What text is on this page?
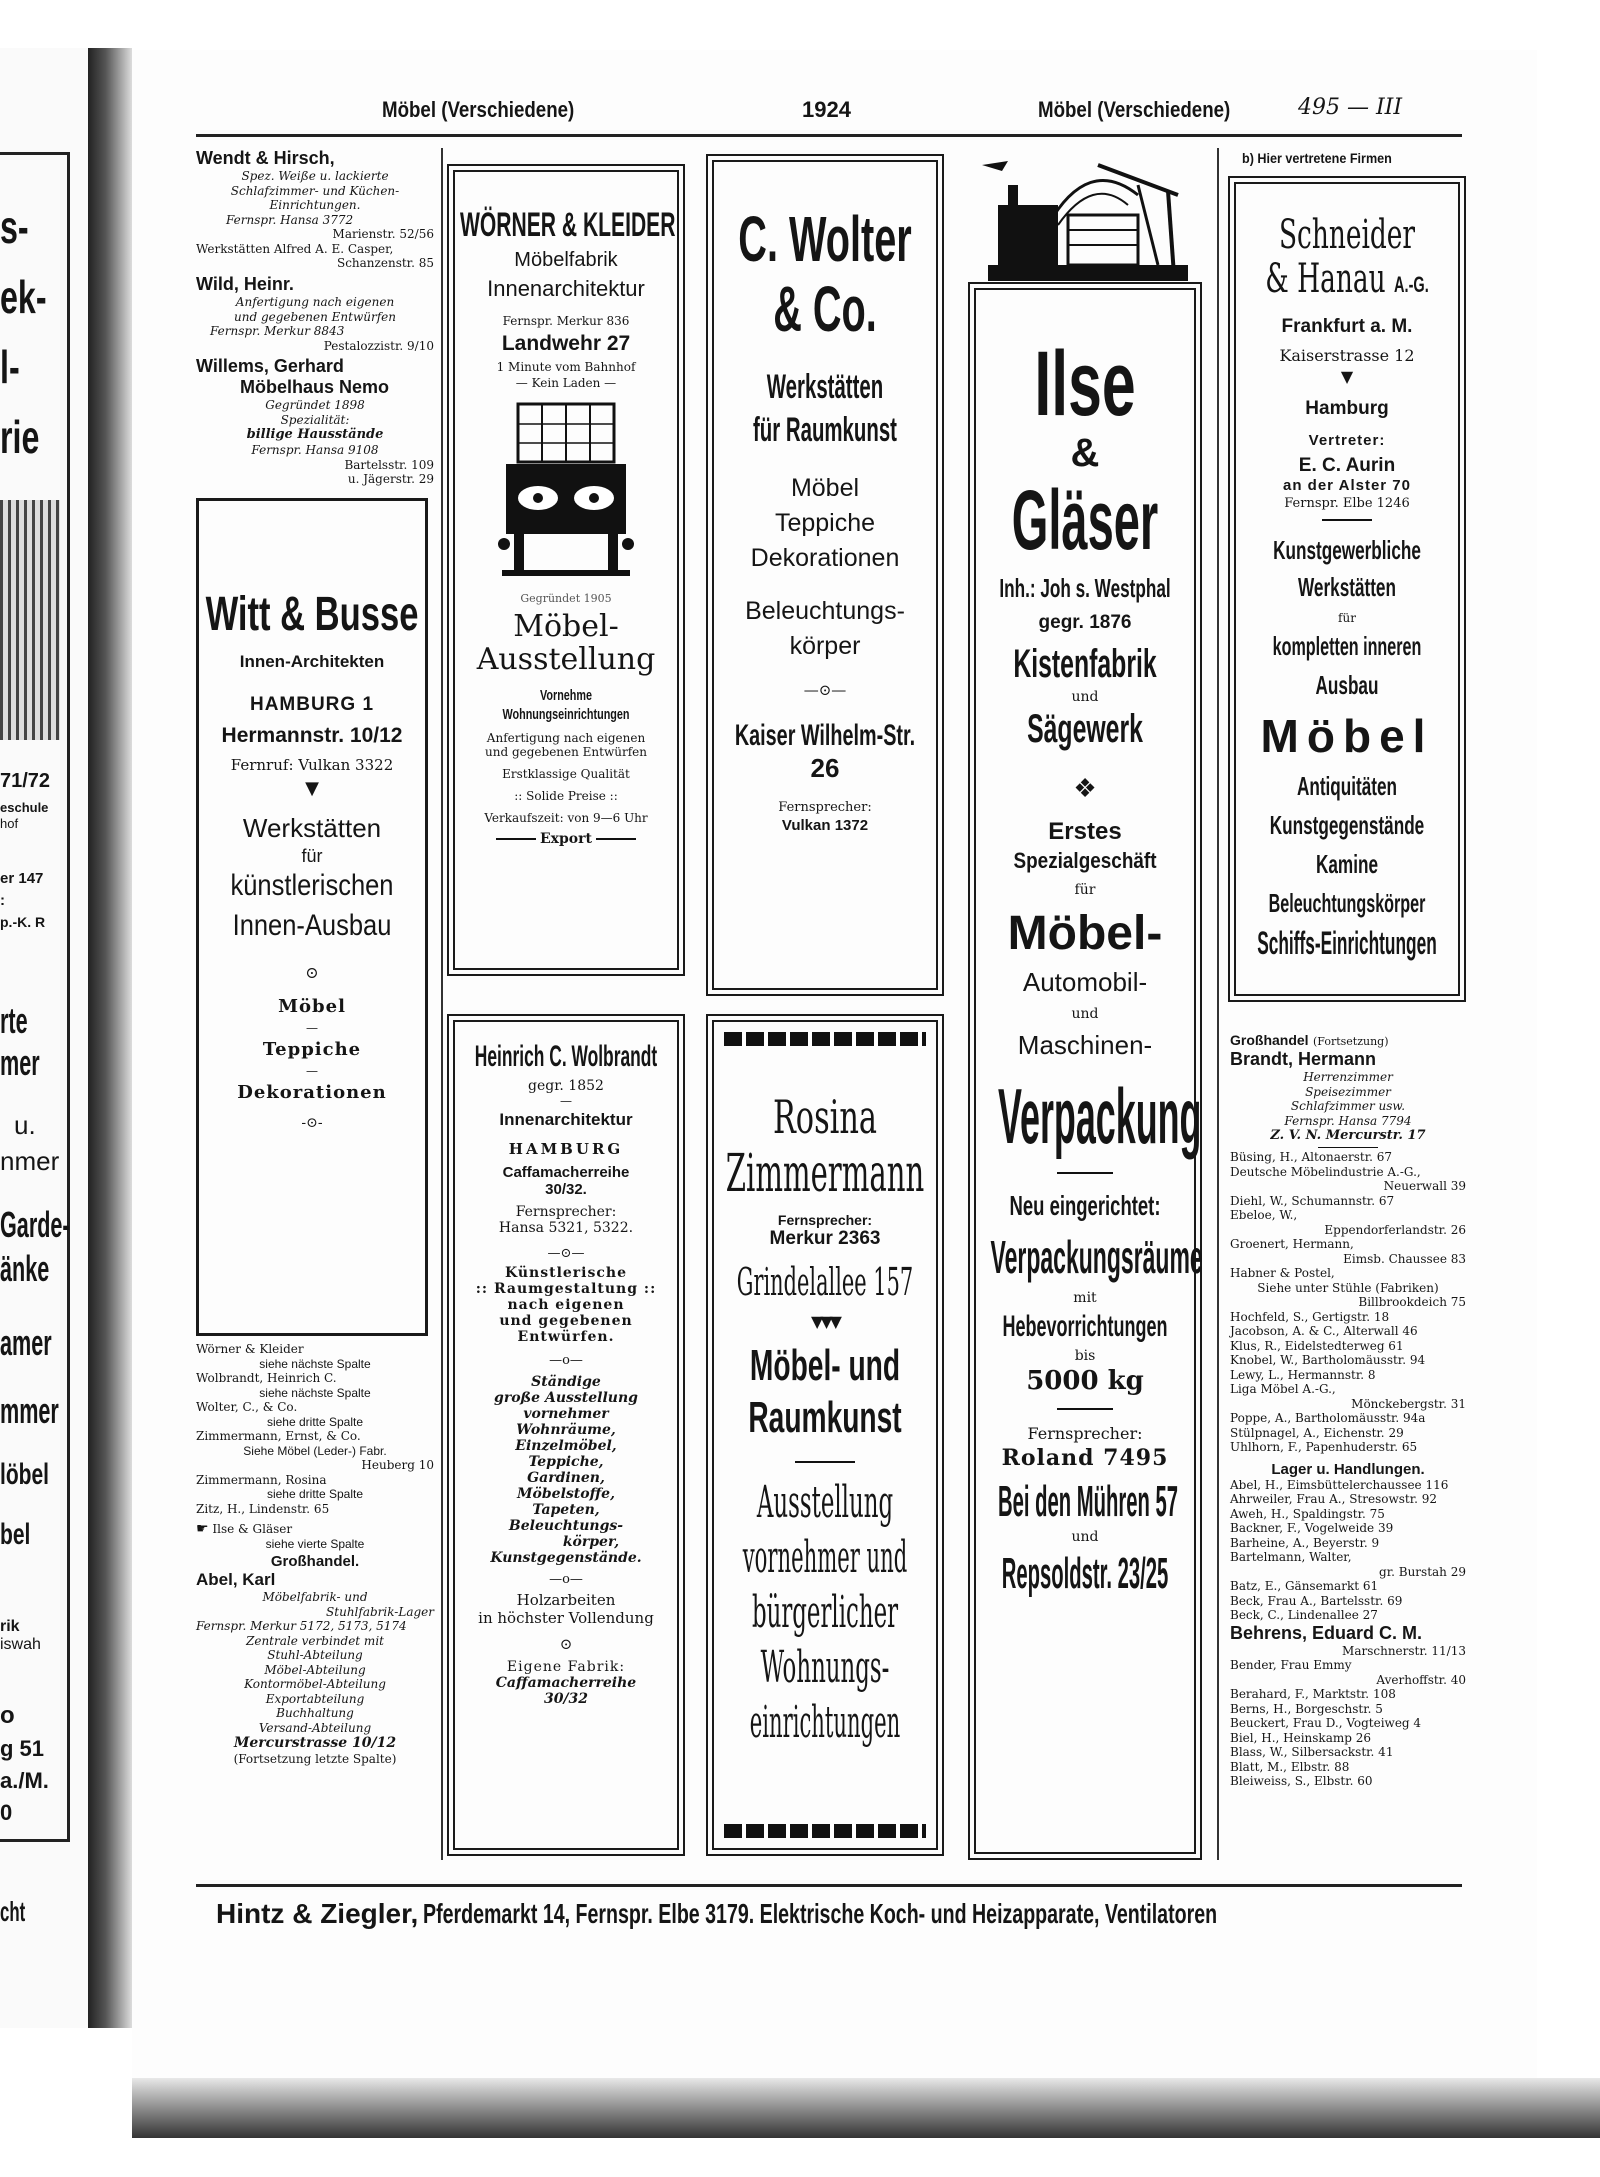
s-
ek-
l-
rie
71/72
eschule
hof
er 147
:
p.-K. R
rte
mer
u.
nmer
Garde-
änke
amer
mmer
löbel
bel
rik
iswah
o
g 51
a./M.
0
cht
Möbel (Verschiedene)	1924	Möbel (Verschiedene)	495 — III
Wendt & Hirsch,
Spez. Weiße u. lackierte
Schlafzimmer- und Küchen-
Einrichtungen.
Fernspr. Hansa 3772
Marienstr. 52/56
Werkstätten Alfred A. E. Casper,
Schanzenstr. 85
Wild, Heinr.
Anfertigung nach eigenen
und gegebenen Entwürfen
Fernspr. Merkur 8843
Pestalozzistr. 9/10
Willems, Gerhard
Möbelhaus Nemo
Gegründet 1898
Spezialität:
billige Hausstände
Fernspr. Hansa 9108
Bartelsstr. 109
u. Jägerstr. 29
Witt & Busse
Innen-Architekten
HAMBURG 1
Hermannstr. 10/12
Fernruf: Vulkan 3322
▼
Werkstätten
für
künstlerischen
Innen-Ausbau
⊙
Möbel
—
Teppiche
—
Dekorationen
-⊙-
Wörner & Kleider
siehe nächste Spalte
Wolbrandt, Heinrich C.
siehe nächste Spalte
Wolter, C., & Co.
siehe dritte Spalte
Zimmermann, Ernst, & Co.
Siehe Möbel (Leder-) Fabr.
Heuberg 10
Zimmermann, Rosina
siehe dritte Spalte
Zitz, H., Lindenstr. 65
☛ Ilse & Gläser
siehe vierte Spalte
Großhandel.
Abel, Karl
Möbelfabrik- und
Stuhlfabrik-Lager
Fernspr. Merkur 5172, 5173, 5174
Zentrale verbindet mit
Stuhl-Abteilung
Möbel-Abteilung
Kontormöbel-Abteilung
Exportabteilung
Buchhaltung
Versand-Abteilung
Mercurstrasse 10/12
(Fortsetzung letzte Spalte)
WÖRNER & KLEIDER
Möbelfabrik
Innenarchitektur
Fernspr. Merkur 836
Landwehr 27
1 Minute vom Bahnhof
— Kein Laden —
Gegründet 1905
Möbel-
Ausstellung
Vornehme
Wohnungseinrichtungen
Anfertigung nach eigenen
und gegebenen Entwürfen
Erstklassige Qualität
:: Solide Preise ::
Verkaufszeit: von 9—6 Uhr
Export
Heinrich C. Wolbrandt
gegr. 1852
—
Innenarchitektur
HAMBURG
Caffamacherreihe
30/32.
Fernsprecher:
Hansa 5321, 5322.
—⊙—
Künstlerische
:: Raumgestaltung ::
nach eigenen
und gegebenen
Entwürfen.
—o—
Ständige
große Ausstellung
vornehmer
Wohnräume,
Einzelmöbel,
Teppiche,
Gardinen,
Möbelstoffe,
Tapeten,
Beleuchtungs-
körper,
Kunstgegenstände.
—o—
Holzarbeiten
in höchster Vollendung
⊙
Eigene Fabrik:
Caffamacherreihe
30/32
C. Wolter
& Co.
Werkstätten
für Raumkunst
Möbel
Teppiche
Dekorationen
Beleuchtungs-
körper
—⊙—
Kaiser Wilhelm-Str.
26
Fernsprecher:
Vulkan 1372
Rosina
Zimmermann
Fernsprecher:
Merkur 2363
Grindelallee 157
▼▼▼
Möbel- und
Raumkunst
Ausstellung
vornehmer und
bürgerlicher
Wohnungs-
einrichtungen
Ilse
&
Gläser
Inh.: Joh s. Westphal
gegr. 1876
Kistenfabrik
und
Sägewerk
❖
Erstes
Spezialgeschäft
für
Möbel-
Automobil-
und
Maschinen-
Verpackung
Neu eingerichtet:
Verpackungsräume
mit
Hebevorrichtungen
bis
5000 kg
Fernsprecher:
Roland 7495
Bei den Mühren 57
und
Repsoldstr. 23/25
b) Hier vertretene Firmen
Schneider
& Hanau A.-G.
Frankfurt a. M.
Kaiserstrasse 12
▼
Hamburg
Vertreter:
E. C. Aurin
an der Alster 70
Fernspr. Elbe 1246
Kunstgewerbliche
Werkstätten
für
kompletten inneren
Ausbau
Möbel
Antiquitäten
Kunstgegenstände
Kamine
Beleuchtungskörper
Schiffs-Einrichtungen
Großhandel (Fortsetzung)
Brandt, Hermann
Herrenzimmer
Speisezimmer
Schlafzimmer usw.
Fernspr. Hansa 7794
Z. V. N. Mercurstr. 17
Büsing, H., Altonaerstr. 67
Deutsche Möbelindustrie A.-G.,
Neuerwall 39
Diehl, W., Schumannstr. 67
Ebeloe, W.,
Eppendorferlandstr. 26
Groenert, Hermann,
Eimsb. Chaussee 83
Habner & Postel,
Siehe unter Stühle (Fabriken)
Billbrookdeich 75
Hochfeld, S., Gertigstr. 18
Jacobson, A. & C., Alterwall 46
Klus, R., Eidelstedterweg 61
Knobel, W., Bartholomäusstr. 94
Lewy, L., Hermannstr. 8
Liga Möbel A.-G.,
Mönckebergstr. 31
Poppe, A., Bartholomäusstr. 94a
Stülpnagel, A., Eichenstr. 29
Uhlhorn, F., Papenhuderstr. 65
Lager u. Handlungen.
Abel, H., Eimsbüttelerchaussee 116
Ahrweiler, Frau A., Stresowstr. 92
Aweh, H., Spaldingstr. 75
Backner, F., Vogelweide 39
Barheine, A., Beyerstr. 9
Bartelmann, Walter,
gr. Burstah 29
Batz, E., Gänsemarkt 61
Beck, Frau A., Bartelsstr. 69
Beck, C., Lindenallee 27
Behrens, Eduard C. M.
Marschnerstr. 11/13
Bender, Frau Emmy
Averhoffstr. 40
Berahard, F., Marktstr. 108
Berns, H., Borgeschstr. 5
Beuckert, Frau D., Vogteiweg 4
Biel, H., Heinskamp 26
Blass, W., Silbersackstr. 41
Blatt, M., Elbstr. 88
Bleiweiss, S., Elbstr. 60
Hintz & Ziegler, Pferdemarkt 14, Fernspr. Elbe 3179. Elektrische Koch- und Heizapparate, Ventilatoren
